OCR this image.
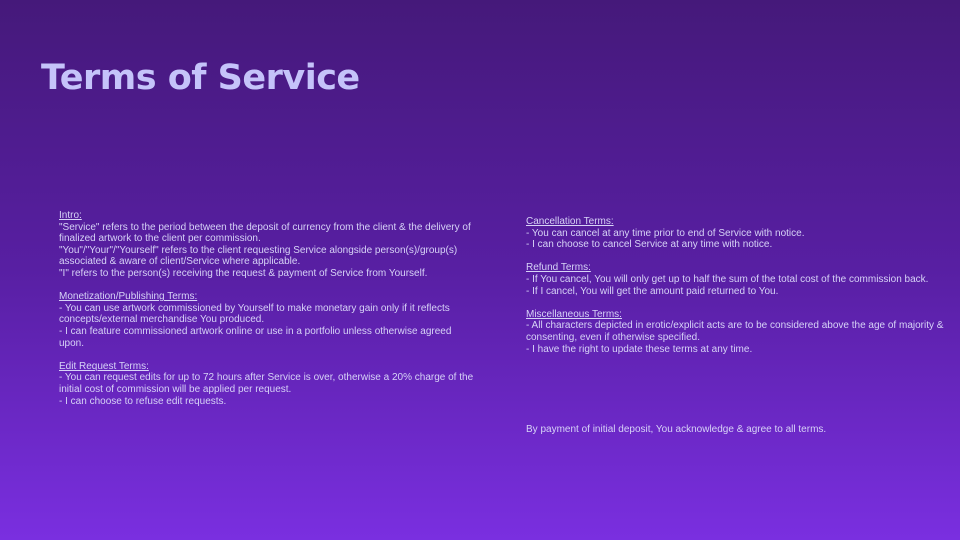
Terms of Service
Intro:
"Service" refers to the period between the deposit of currency from the client & the delivery of finalized artwork to the client per commission.
"You"/"Your"/"Yourself" refers to the client requesting Service alongside person(s)/group(s) associated & aware of client/Service where applicable.
"I" refers to the person(s) receiving the request & payment of Service from Yourself.
Monetization/Publishing Terms:
- You can use artwork commissioned by Yourself to make monetary gain only if it reflects concepts/external merchandise You produced.
- I can feature commissioned artwork online or use in a portfolio unless otherwise agreed upon.
Edit Request Terms:
- You can request edits for up to 72 hours after Service is over, otherwise a 20% charge of the initial cost of commission will be applied per request.
- I can choose to refuse edit requests.
Cancellation Terms:
- You can cancel at any time prior to end of Service with notice.
- I can choose to cancel Service at any time with notice.
Refund Terms:
- If You cancel, You will only get up to half the sum of the total cost of the commission back.
- If I cancel, You will get the amount paid returned to You.
Miscellaneous Terms:
- All characters depicted in erotic/explicit acts are to be considered above the age of majority & consenting, even if otherwise specified.
- I have the right to update these terms at any time.
By payment of initial deposit, You acknowledge & agree to all terms.
